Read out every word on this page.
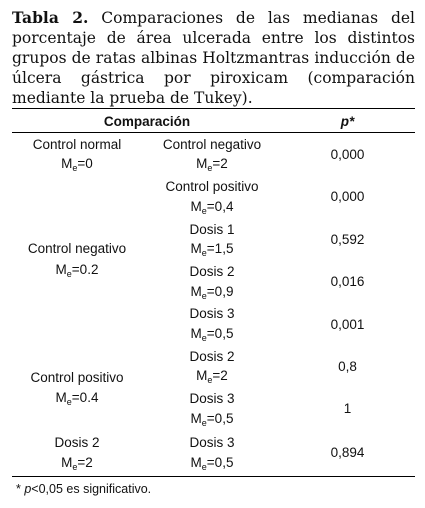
Tabla 2. Comparaciones de las medianas del porcentaje de área ulcerada entre los distintos grupos de ratas albinas Holtzmantras inducción de úlcera gástrica por piroxicam (comparación mediante la prueba de Tukey).
Comparación	p*
Control normal
$M_e=0$
Control negativo
$M_e=0.2$
Control positivo
$M_e=0.4$
Dosis 2
$M_e=2$
Control negativo
$M_e=2$
0,000
Control positivo
$M_e=0,4$
0,000
Dosis 1
$M_e=1,5$
0,592
Dosis 2
$M_e=0,9$
0,016
Dosis 3
$M_e=0,5$
0,001
Dosis 2
$M_e=2$
0,8
Dosis 3
$M_e=0,5$
1
Dosis 3
$M_e=0,5$
0,894
* p<0,05 es significativo.
